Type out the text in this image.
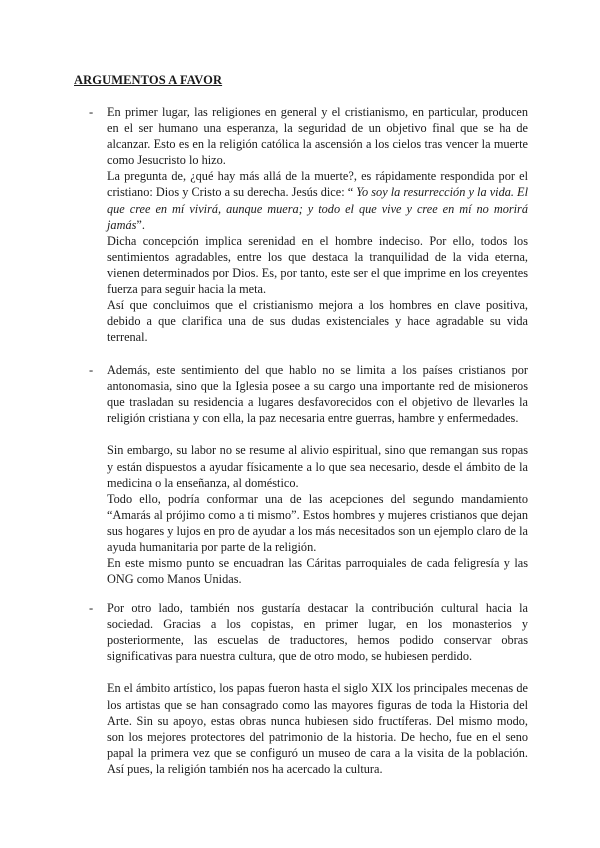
ARGUMENTOS A FAVOR
- En primer lugar, las religiones en general y el cristianismo, en particular, producen en el ser humano una esperanza, la seguridad de un objetivo final que se ha de alcanzar. Esto es en la religión católica la ascensión a los cielos tras vencer la muerte como Jesucristo lo hizo.

La pregunta de, ¿qué hay más allá de la muerte?, es rápidamente respondida por el cristiano: Dios y Cristo a su derecha. Jesús dice: “ Yo soy la resurrección y la vida. El que cree en mí vivirá, aunque muera; y todo el que vive y cree en mí no morirá jamás”.

Dicha concepción implica serenidad en el hombre indeciso. Por ello, todos los sentimientos agradables, entre los que destaca la tranquilidad de la vida eterna, vienen determinados por Dios. Es, por tanto, este ser el que imprime en los creyentes fuerza para seguir hacia la meta.

Así que concluimos que el cristianismo mejora a los hombres en clave positiva, debido a que clarifica una de sus dudas existenciales y hace agradable su vida terrenal.

- Además, este sentimiento del que hablo no se limita a los países cristianos por antonomasia, sino que la Iglesia posee a su cargo una importante red de misioneros que trasladan su residencia a lugares desfavorecidos con el objetivo de llevarles la religión cristiana y con ella, la paz necesaria entre guerras, hambre y enfermedades.

Sin embargo, su labor no se resume al alivio espiritual, sino que remangan sus ropas y están dispuestos a ayudar físicamente a lo que sea necesario, desde el ámbito de la medicina o la enseñanza, al doméstico.

Todo ello, podría conformar una de las acepciones del segundo mandamiento “Amarás al prójimo como a ti mismo”. Estos hombres y mujeres cristianos que dejan sus hogares y lujos en pro de ayudar a los más necesitados son un ejemplo claro de la ayuda humanitaria por parte de la religión.

En este mismo punto se encuadran las Cáritas parroquiales de cada feligresía y las ONG como Manos Unidas.

- Por otro lado, también nos gustaría destacar la contribución cultural hacia la sociedad. Gracias a los copistas, en primer lugar, en los monasterios y posteriormente, las escuelas de traductores, hemos podido conservar obras significativas para nuestra cultura, que de otro modo, se hubiesen perdido.

En el ámbito artístico, los papas fueron hasta el siglo XIX los principales mecenas de los artistas que se han consagrado como las mayores figuras de toda la Historia del Arte. Sin su apoyo, estas obras nunca hubiesen sido fructíferas. Del mismo modo, son los mejores protectores del patrimonio de la historia. De hecho, fue en el seno papal la primera vez que se configuró un museo de cara a la visita de la población. Así pues, la religión también nos ha acercado la cultura.
